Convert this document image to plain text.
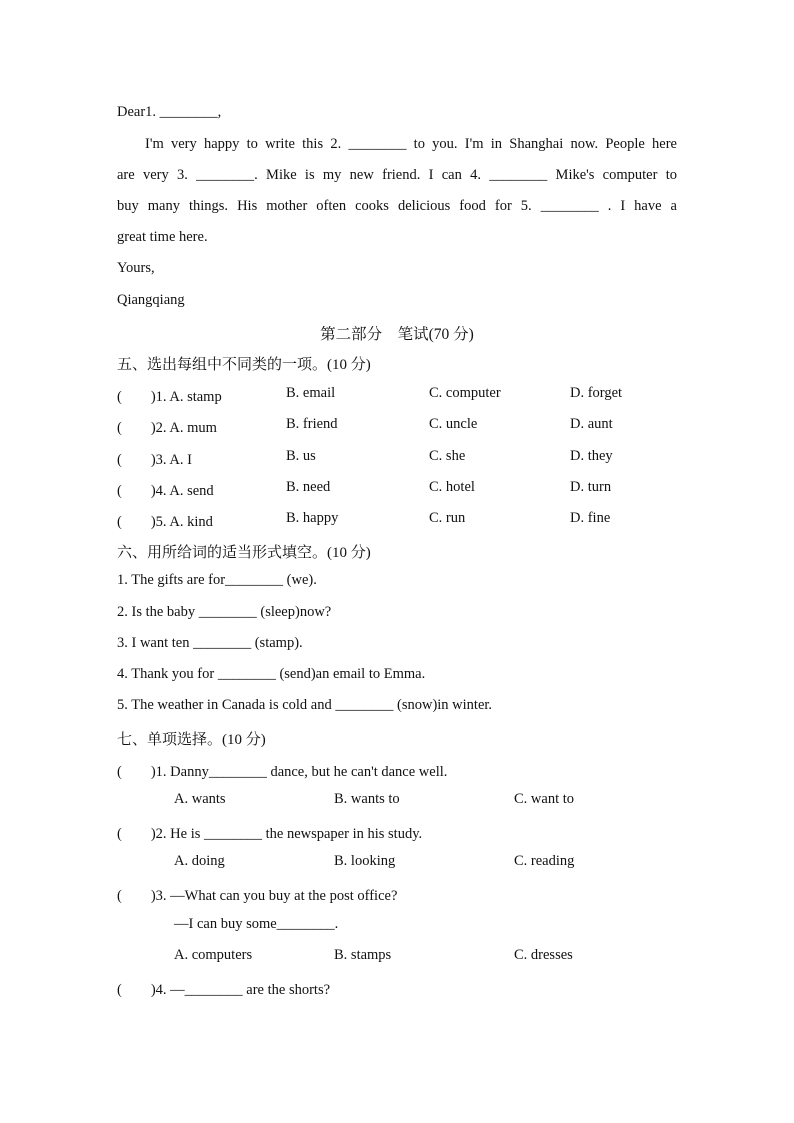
Dear1. ________,
I'm very happy to write this 2. ________ to you. I'm in Shanghai now. People here
are very 3. ________. Mike is my new friend. I can 4. ________ Mike's computer to
buy many things. His mother often cooks delicious food for 5. ________ . I have a
great time here.
Yours,
Qiangqiang
第二部分　笔试(70 分)
五、选出每组中不同类的一项。(10 分)
(　　)1. A. stamp	B. email	C. computer	D. forget
(　　)2. A. mum	B. friend	C. uncle	D. aunt
(　　)3. A. I	B. us	C. she	D. they
(　　)4. A. send	B. need	C. hotel	D. turn
(　　)5. A. kind	B. happy	C. run	D. fine
六、用所给词的适当形式填空。(10 分)
1. The gifts are for________ (we).
2. Is the baby ________ (sleep)now?
3. I want ten ________ (stamp).
4. Thank you for ________ (send)an email to Emma.
5. The weather in Canada is cold and ________ (snow)in winter.
七、单项选择。(10 分)
(　　)1. Danny________ dance, but he can't dance well.
A. wants	B. wants to	C. want to
(　　)2. He is ________ the newspaper in his study.
A. doing	B. looking	C. reading
(　　)3. —What can you buy at the post office?
—I can buy some________.
A. computers	B. stamps	C. dresses
(　　)4. —________ are the shorts?
